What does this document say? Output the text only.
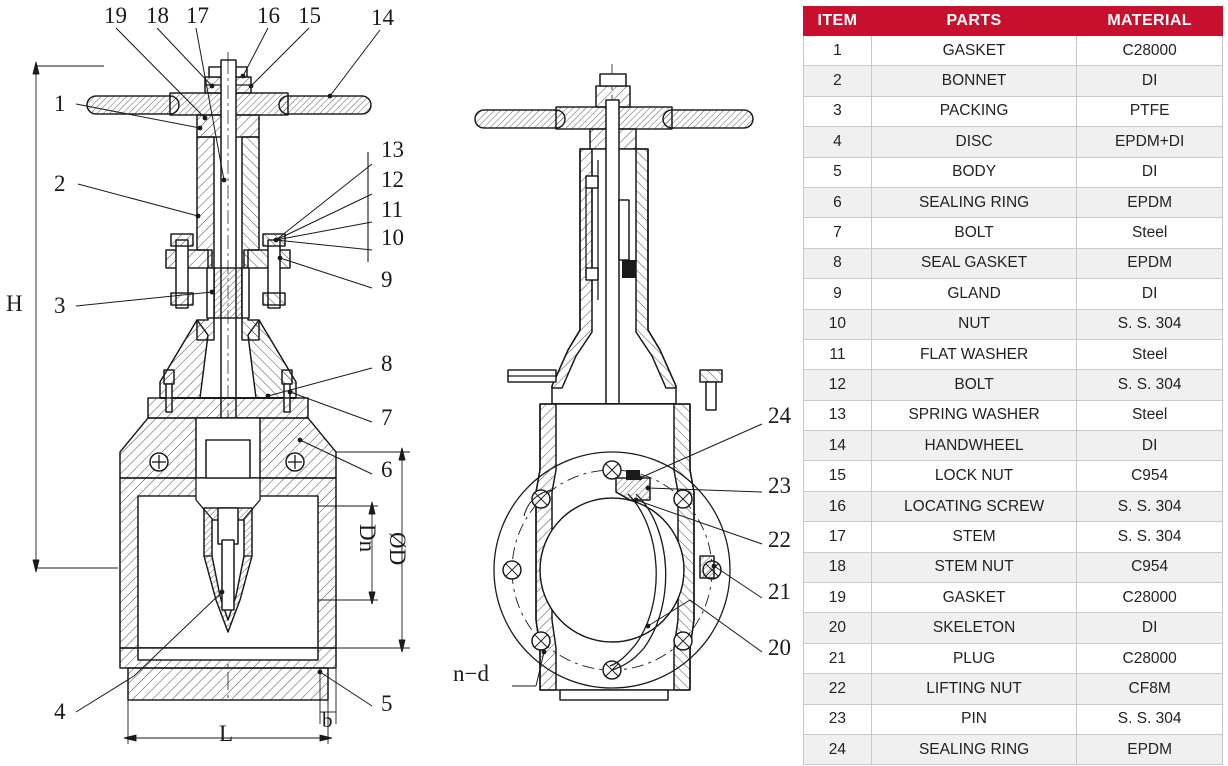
19 18 17 16 15 14
1
2
3
4
13
12
11
10
9
8
7
6
5
24
23
22
21
20
H
L
b
Dn ØD
n−d
ITEM	PARTS	MATERIAL
1	GASKET	C28000
2	BONNET	DI
3	PACKING	PTFE
4	DISC	EPDM+DI
5	BODY	DI
6	SEALING RING	EPDM
7	BOLT	Steel
8	SEAL GASKET	EPDM
9	GLAND	DI
10	NUT	S. S. 304
11	FLAT WASHER	Steel
12	BOLT	S. S. 304
13	SPRING WASHER	Steel
14	HANDWHEEL	DI
15	LOCK NUT	C954
16	LOCATING SCREW	S. S. 304
17	STEM	S. S. 304
18	STEM NUT	C954
19	GASKET	C28000
20	SKELETON	DI
21	PLUG	C28000
22	LIFTING NUT	CF8M
23	PIN	S. S. 304
24	SEALING RING	EPDM
